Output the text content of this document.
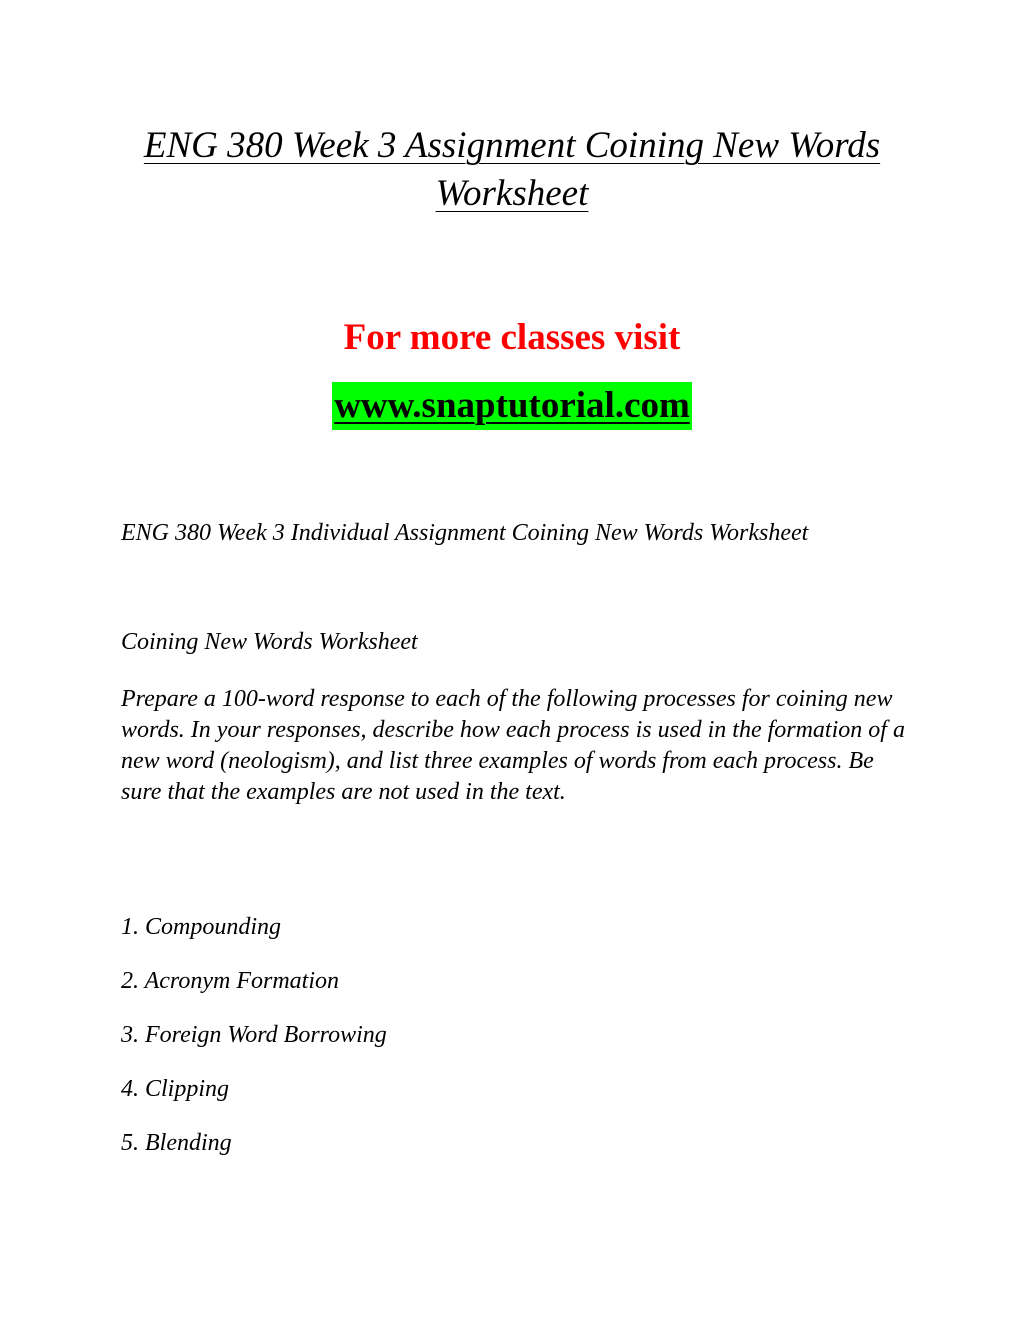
ENG 380 Week 3 Assignment Coining New Words
Worksheet
For more classes visit
www.snaptutorial.com

ENG 380 Week 3 Individual Assignment Coining New Words Worksheet

Coining New Words Worksheet

Prepare a 100-word response to each of the following processes for coining new words. In your responses, describe how each process is used in the formation of a new word (neologism), and list three examples of words from each process. Be sure that the examples are not used in the text.

1. Compounding
2. Acronym Formation
3. Foreign Word Borrowing
4. Clipping
5. Blending
